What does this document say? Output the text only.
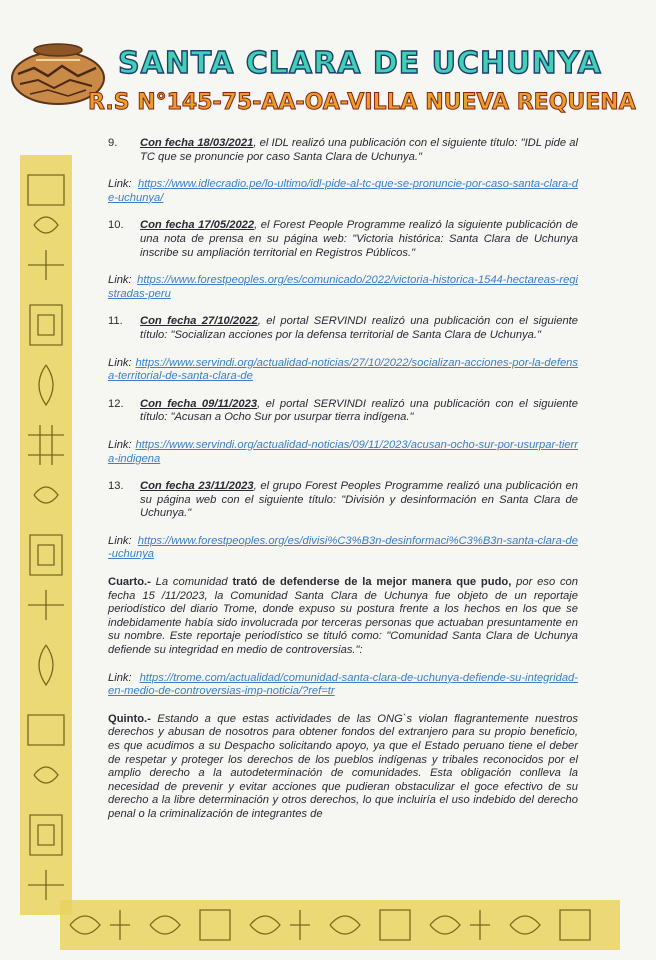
SANTA CLARA DE UCHUNYA
R.S N°145-75-AA-OA-VILLA NUEVA REQUENA
9. Con fecha 18/03/2021, el IDL realizó una publicación con el siguiente título: "IDL pide al TC que se pronuncie por caso Santa Clara de Uchunya."
Link: https://www.idlecradio.pe/lo-ultimo/idl-pide-al-tc-que-se-pronuncie-por-caso-santa-clara-de-uchunya/
10. Con fecha 17/05/2022, el Forest People Programme realizó la siguiente publicación de una nota de prensa en su página web: "Victoria histórica: Santa Clara de Uchunya inscribe su ampliación territorial en Registros Públicos."
Link: https://www.forestpeoples.org/es/comunicado/2022/victoria-historica-1544-hectareas-registradas-peru
11. Con fecha 27/10/2022, el portal SERVINDI realizó una publicación con el siguiente título: "Socializan acciones por la defensa territorial de Santa Clara de Uchunya."
Link: https://www.servindi.org/actualidad-noticias/27/10/2022/socializan-acciones-por-la-defensa-territorial-de-santa-clara-de
12. Con fecha 09/11/2023, el portal SERVINDI realizó una publicación con el siguiente título: "Acusan a Ocho Sur por usurpar tierra indígena."
Link: https://www.servindi.org/actualidad-noticias/09/11/2023/acusan-ocho-sur-por-usurpar-tierra-indigena
13. Con fecha 23/11/2023, el grupo Forest Peoples Programme realizó una publicación en su página web con el siguiente título: "División y desinformación en Santa Clara de Uchunya."
Link: https://www.forestpeoples.org/es/divisi%C3%B3n-desinformaci%C3%B3n-santa-clara-de-uchunya
Cuarto.- La comunidad trató de defenderse de la mejor manera que pudo, por eso con fecha 15 /11/2023, la Comunidad Santa Clara de Uchunya fue objeto de un reportaje periodístico del diario Trome, donde expuso su postura frente a los hechos en los que se indebidamente había sido involucrada por terceras personas que actuaban presuntamente en su nombre. Este reportaje periodístico se tituló como: "Comunidad Santa Clara de Uchunya defiende su integridad en medio de controversias.":
Link: https://trome.com/actualidad/comunidad-santa-clara-de-uchunya-defiende-su-integridad-en-medio-de-controversias-imp-noticia/?ref=tr
Quinto.- Estando a que estas actividades de las ONG`s violan flagrantemente nuestros derechos y abusan de nosotros para obtener fondos del extranjero para su propio beneficio, es que acudimos a su Despacho solicitando apoyo, ya que el Estado peruano tiene el deber de respetar y proteger los derechos de los pueblos indígenas y tribales reconocidos por el amplio derecho a la autodeterminación de comunidades. Esta obligación conlleva la necesidad de prevenir y evitar acciones que pudieran obstaculizar el goce efectivo de su derecho a la libre determinación y otros derechos, lo que incluiría el uso indebido del derecho penal o la criminalización de integrantes de
